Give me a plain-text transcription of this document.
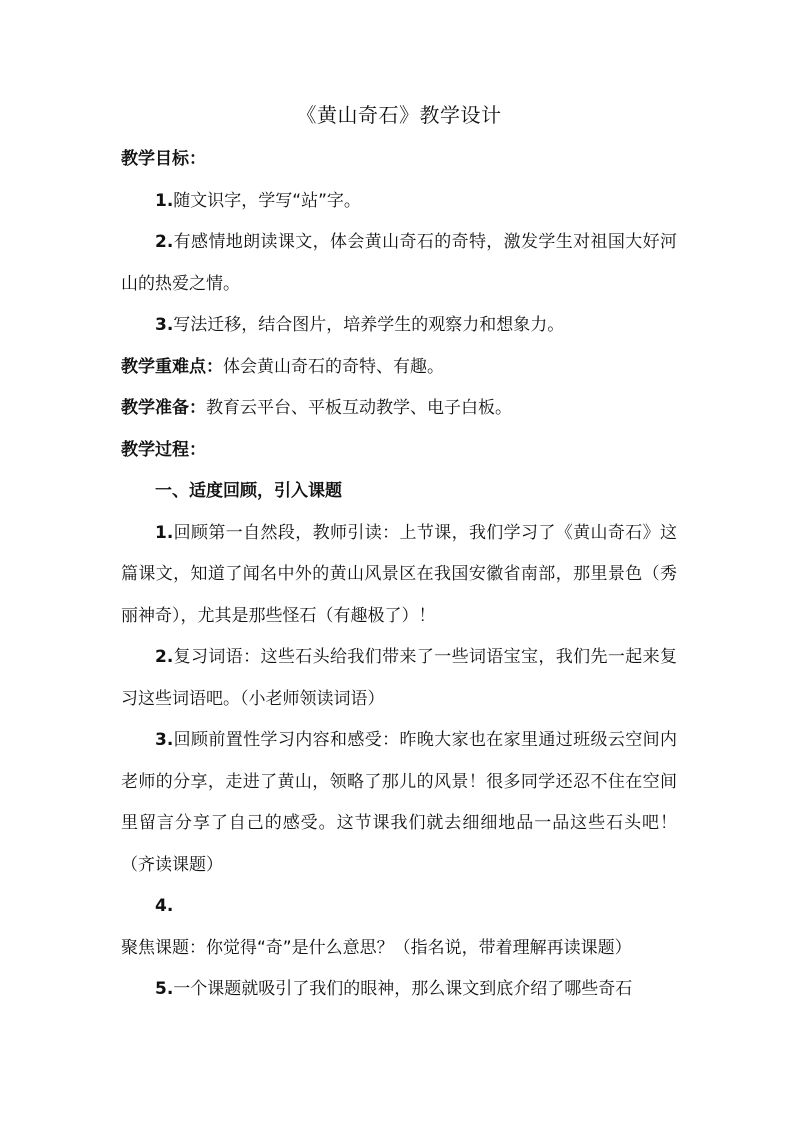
《黄山奇石》教学设计

教学目标：

1.随文识字，学写“站”字。

2.有感情地朗读课文，体会黄山奇石的奇特，激发学生对祖国大好河山的热爱之情。

3.写法迁移，结合图片，培养学生的观察力和想象力。

教学重难点：体会黄山奇石的奇特、有趣。

教学准备：教育云平台、平板互动教学、电子白板。

教学过程：

一、适度回顾，引入课题

1.回顾第一自然段，教师引读：上节课，我们学习了《黄山奇石》这篇课文，知道了闻名中外的黄山风景区在我国安徽省南部，那里景色（秀丽神奇），尤其是那些怪石（有趣极了）！

2.复习词语：这些石头给我们带来了一些词语宝宝，我们先一起来复习这些词语吧。（小老师领读词语）

3.回顾前置性学习内容和感受：昨晚大家也在家里通过班级云空间内老师的分享，走进了黄山，领略了那儿的风景！很多同学还忍不住在空间里留言分享了自己的感受。这节课我们就去细细地品一品这些石头吧！（齐读课题）

4.聚焦课题：你觉得“奇”是什么意思？（指名说，带着理解再读课题）

5.一个课题就吸引了我们的眼神，那么课文到底介绍了哪些奇石
